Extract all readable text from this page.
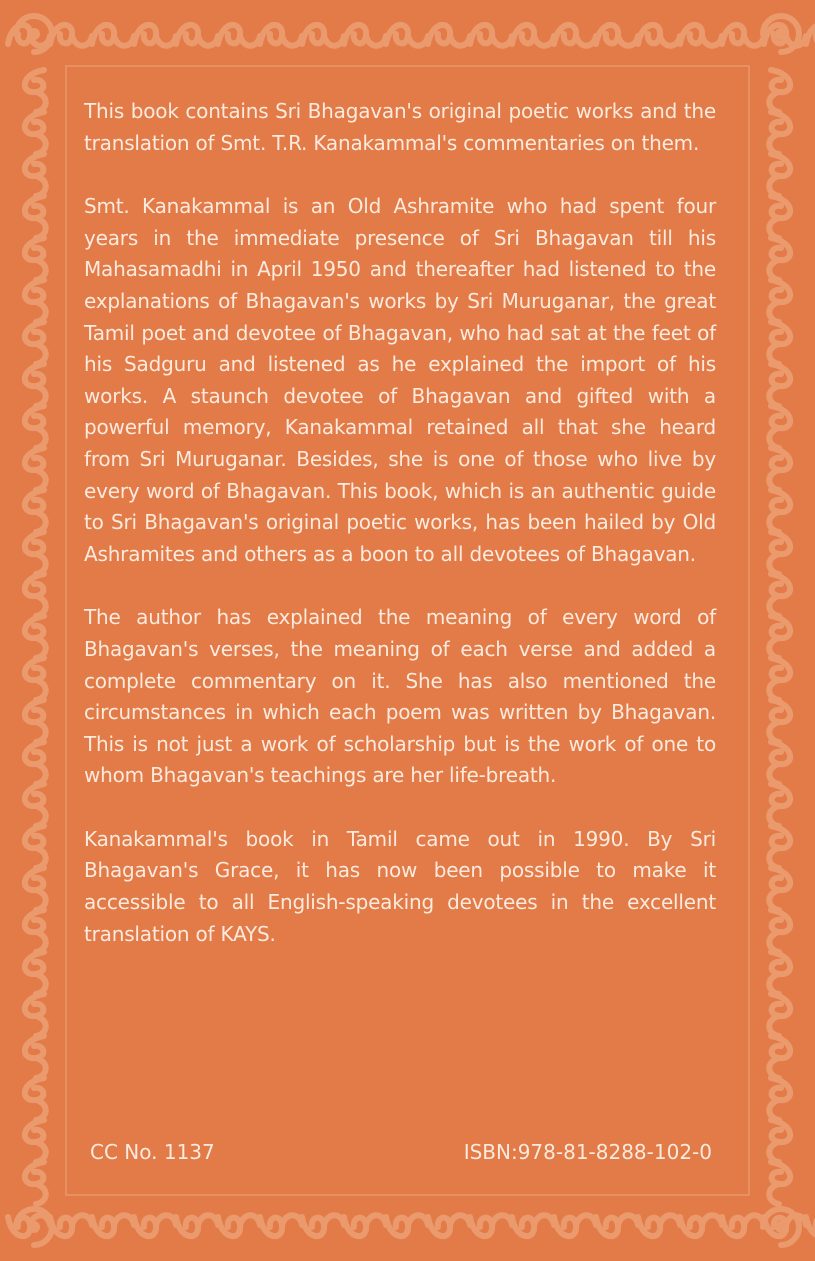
This book contains Sri Bhagavan's original poetic works and the translation of Smt. T.R. Kanakammal's commentaries on them.

Smt. Kanakammal is an Old Ashramite who had spent four years in the immediate presence of Sri Bhagavan till his Mahasamadhi in April 1950 and thereafter had listened to the explanations of Bhagavan's works by Sri Muruganar, the great Tamil poet and devotee of Bhagavan, who had sat at the feet of his Sadguru and listened as he explained the import of his works. A staunch devotee of Bhagavan and gifted with a powerful memory, Kanakammal retained all that she heard from Sri Muruganar. Besides, she is one of those who live by every word of Bhagavan. This book, which is an authentic guide to Sri Bhagavan's original poetic works, has been hailed by Old Ashramites and others as a boon to all devotees of Bhagavan.

The author has explained the meaning of every word of Bhagavan's verses, the meaning of each verse and added a complete commentary on it. She has also mentioned the circumstances in which each poem was written by Bhagavan. This is not just a work of scholarship but is the work of one to whom Bhagavan's teachings are her life-breath.

Kanakammal's book in Tamil came out in 1990. By Sri Bhagavan's Grace, it has now been possible to make it accessible to all English-speaking devotees in the excellent translation of KAYS.

CC No. 1137	ISBN:978-81-8288-102-0
